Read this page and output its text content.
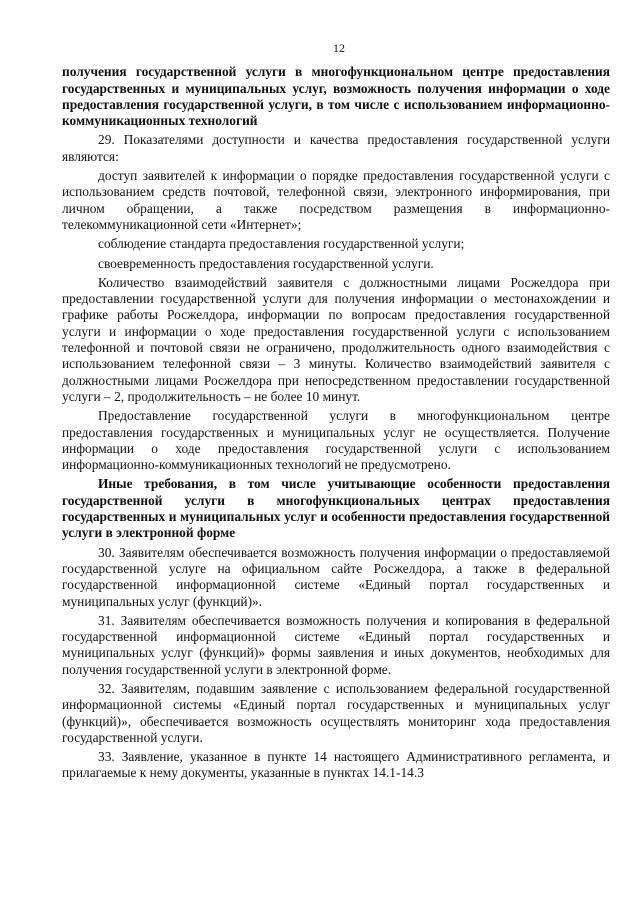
12

получения государственной услуги в многофункциональном центре предоставления государственных и муниципальных услуг, возможность получения информации о ходе предоставления государственной услуги, в том числе с использованием информационно-коммуникационных технологий

29. Показателями доступности и качества предоставления государственной услуги являются:

доступ заявителей к информации о порядке предоставления государственной услуги с использованием средств почтовой, телефонной связи, электронного информирования, при личном обращении, а также посредством размещения в информационно-телекоммуникационной сети «Интернет»;

соблюдение стандарта предоставления государственной услуги;

своевременность предоставления государственной услуги.

Количество взаимодействий заявителя с должностными лицами Росжелдора при предоставлении государственной услуги для получения информации о местонахождении и графике работы Росжелдора, информации по вопросам предоставления государственной услуги и информации о ходе предоставления государственной услуги с использованием телефонной и почтовой связи не ограничено, продолжительность одного взаимодействия с использованием телефонной связи – 3 минуты. Количество взаимодействий заявителя с должностными лицами Росжелдора при непосредственном предоставлении государственной услуги – 2, продолжительность – не более 10 минут.

Предоставление государственной услуги в многофункциональном центре предоставления государственных и муниципальных услуг не осуществляется. Получение информации о ходе предоставления государственной услуги с использованием информационно-коммуникационных технологий не предусмотрено.

Иные требования, в том числе учитывающие особенности предоставления государственной услуги в многофункциональных центрах предоставления государственных и муниципальных услуг и особенности предоставления государственной услуги в электронной форме

30. Заявителям обеспечивается возможность получения информации о предоставляемой государственной услуге на официальном сайте Росжелдора, а также в федеральной государственной информационной системе «Единый портал государственных и муниципальных услуг (функций)».

31. Заявителям обеспечивается возможность получения и копирования в федеральной государственной информационной системе «Единый портал государственных и муниципальных услуг (функций)» формы заявления и иных документов, необходимых для получения государственной услуги в электронной форме.

32. Заявителям, подавшим заявление с использованием федеральной государственной информационной системы «Единый портал государственных и муниципальных услуг (функций)», обеспечивается возможность осуществлять мониторинг хода предоставления государственной услуги.

33. Заявление, указанное в пункте 14 настоящего Административного регламента, и прилагаемые к нему документы, указанные в пунктах 14.1-14.3
